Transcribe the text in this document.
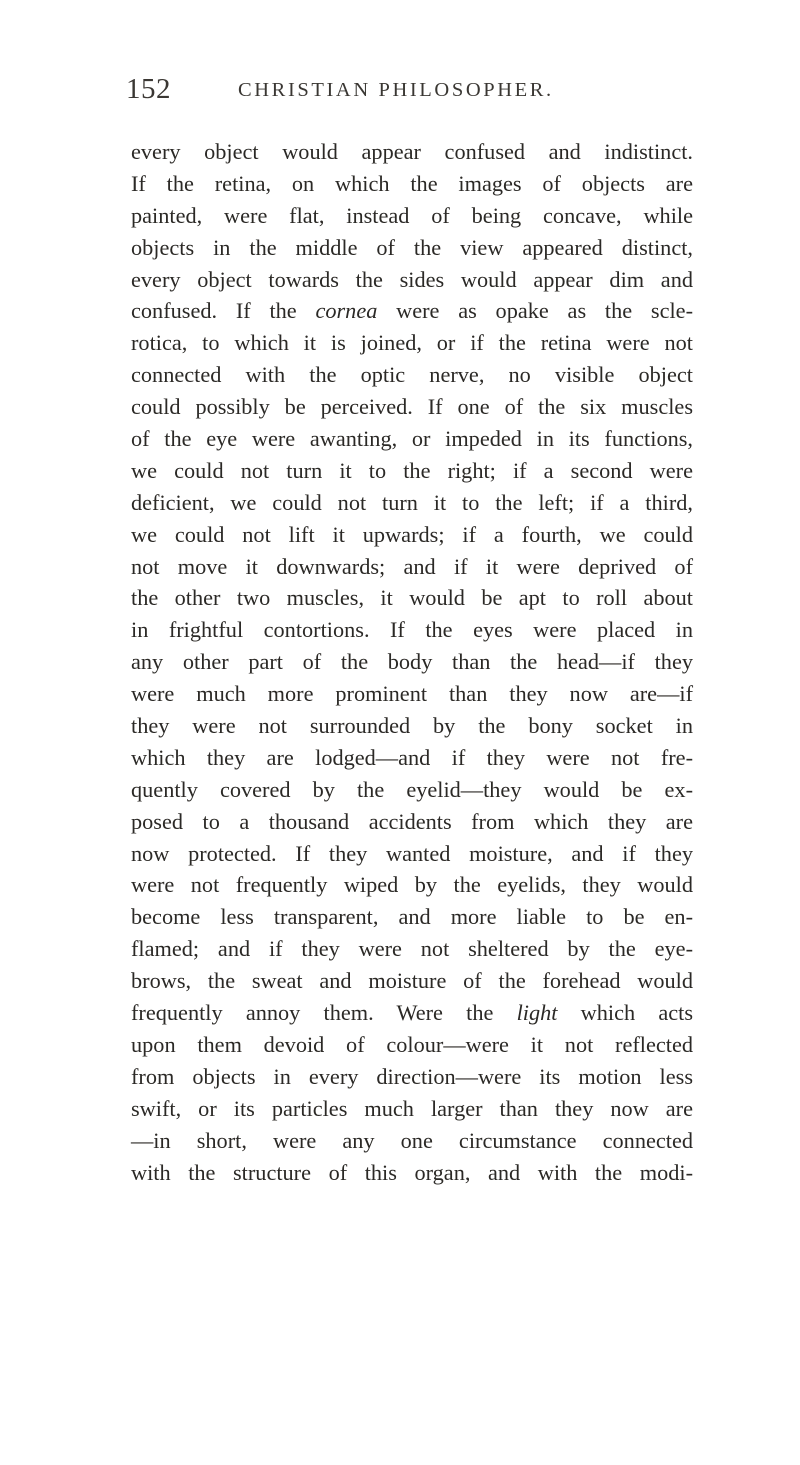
152	CHRISTIAN PHILOSOPHER.
every object would appear confused and indistinct.
If the retina, on which the images of objects are
painted, were flat, instead of being concave, while
objects in the middle of the view appeared distinct,
every object towards the sides would appear dim and
confused. If the cornea were as opake as the scle-
rotica, to which it is joined, or if the retina were not
connected with the optic nerve, no visible object
could possibly be perceived. If one of the six muscles
of the eye were awanting, or impeded in its functions,
we could not turn it to the right; if a second were
deficient, we could not turn it to the left; if a third,
we could not lift it upwards; if a fourth, we could
not move it downwards; and if it were deprived of
the other two muscles, it would be apt to roll about
in frightful contortions. If the eyes were placed in
any other part of the body than the head—if they
were much more prominent than they now are—if
they were not surrounded by the bony socket in
which they are lodged—and if they were not fre-
quently covered by the eyelid—they would be ex-
posed to a thousand accidents from which they are
now protected. If they wanted moisture, and if they
were not frequently wiped by the eyelids, they would
become less transparent, and more liable to be en-
flamed; and if they were not sheltered by the eye-
brows, the sweat and moisture of the forehead would
frequently annoy them. Were the light which acts
upon them devoid of colour—were it not reflected
from objects in every direction—were its motion less
swift, or its particles much larger than they now are
—in short, were any one circumstance connected
with the structure of this organ, and with the modi-
